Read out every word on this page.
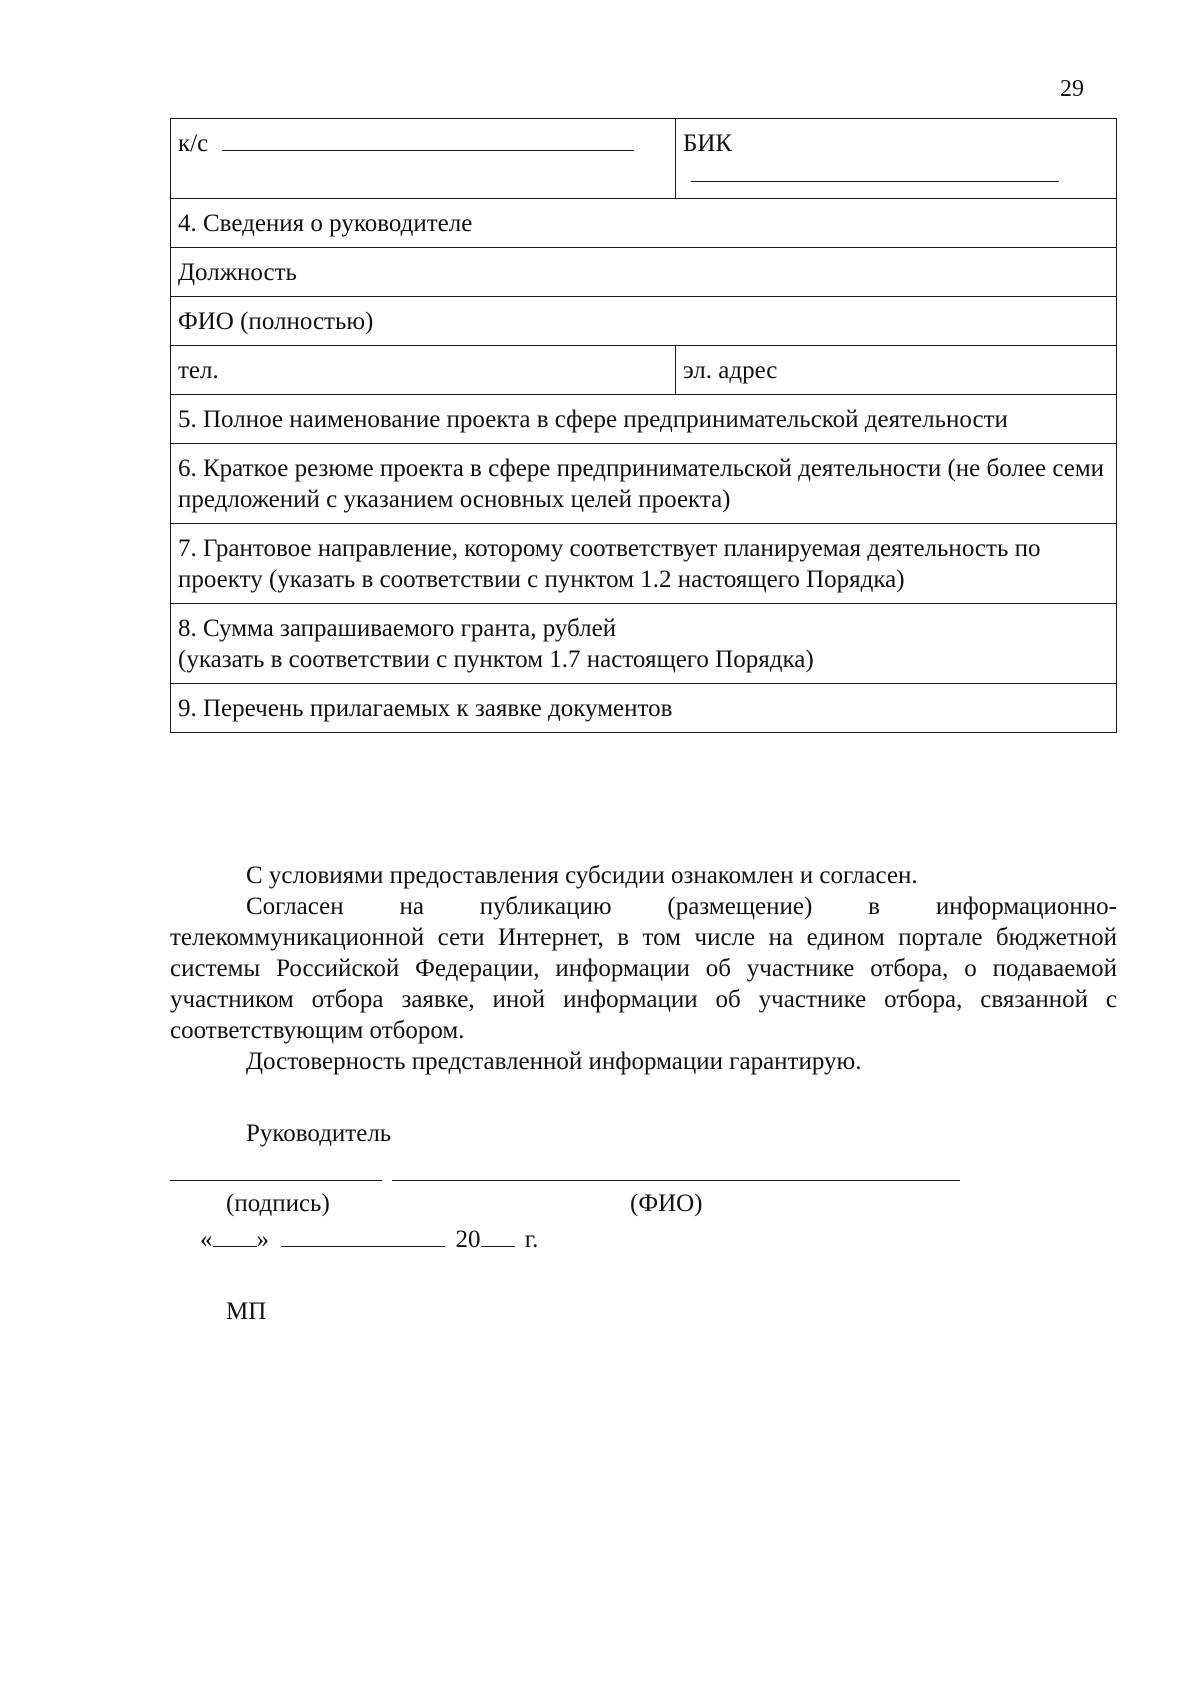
29
к/с	БИК
4. Сведения о руководителе	
Должность	
ФИО (полностью)	
тел.	эл. адрес
5. Полное наименование проекта в сфере предпринимательской деятельности	
6. Краткое резюме проекта в сфере предпринимательской деятельности (не более семи предложений с указанием основных целей проекта)	
7. Грантовое направление, которому соответствует планируемая деятельность по проекту (указать в соответствии с пунктом 1.2 настоящего Порядка)	

8. Сумма запрашиваемого гранта, рублей
(указать в соответствии с пунктом 1.7 настоящего Порядка)	

9. Перечень прилагаемых к заявке документов	

С условиями предоставления субсидии ознакомлен и согласен.

Согласен на публикацию (размещение) в информационно-телекоммуникационной сети Интернет, в том числе на едином портале бюджетной системы Российской Федерации, информации об участнике отбора, о подаваемой участником отбора заявке, иной информации об участнике отбора, связанной с соответствующим отбором.

Достоверность представленной информации гарантирую.

Руководитель
(подпись)	(ФИО)
« »	20 г.
МП
